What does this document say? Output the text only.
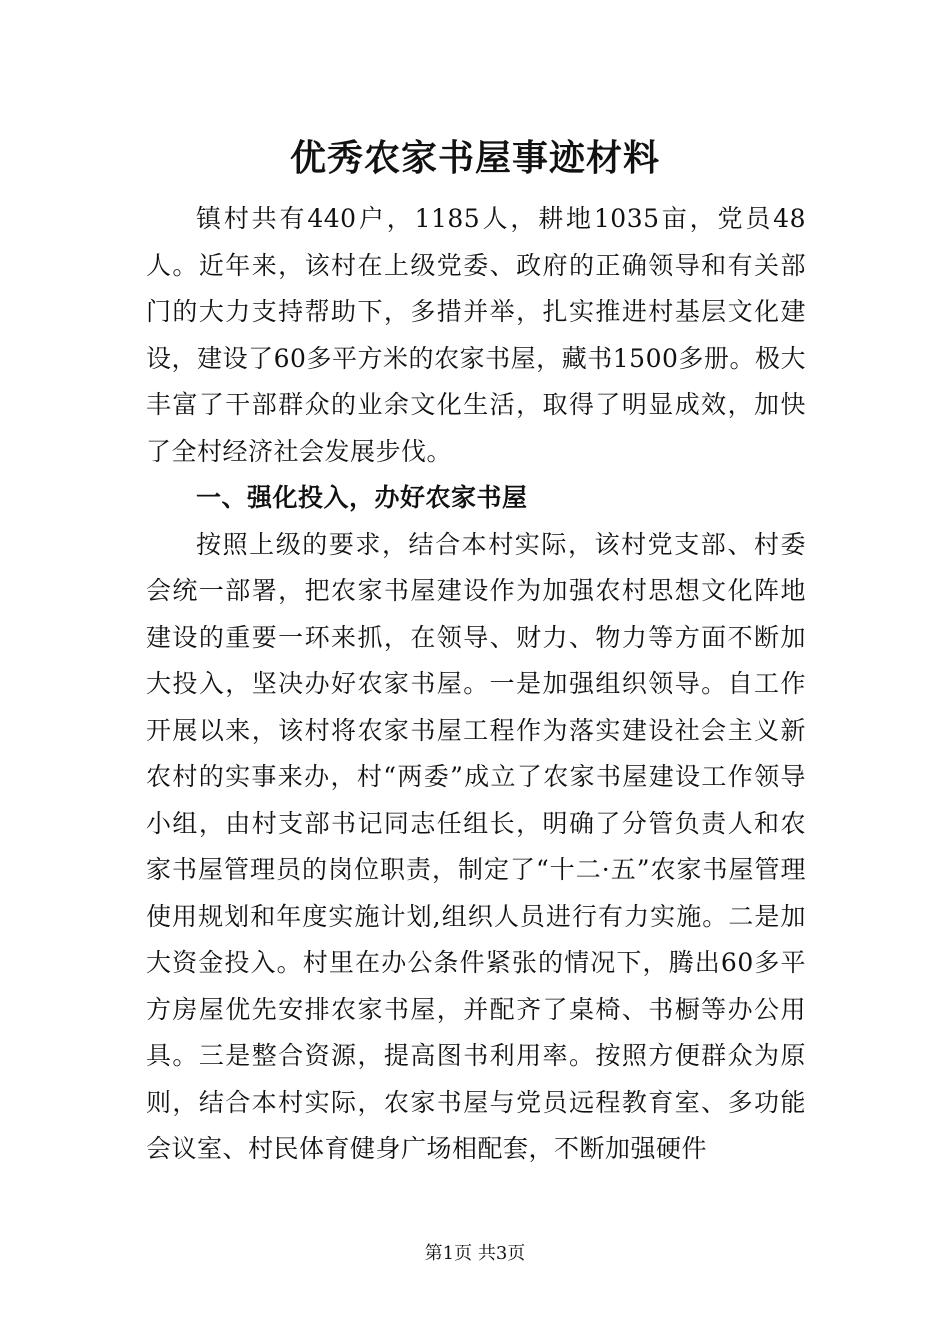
优秀农家书屋事迹材料

镇村共有440户，1185人，耕地1035亩，党员48人。近年来，该村在上级党委、政府的正确领导和有关部门的大力支持帮助下，多措并举，扎实推进村基层文化建设，建设了60多平方米的农家书屋，藏书1500多册。极大丰富了干部群众的业余文化生活，取得了明显成效，加快了全村经济社会发展步伐。

一、强化投入，办好农家书屋

按照上级的要求，结合本村实际，该村党支部、村委会统一部署，把农家书屋建设作为加强农村思想文化阵地建设的重要一环来抓，在领导、财力、物力等方面不断加大投入，坚决办好农家书屋。一是加强组织领导。自工作开展以来，该村将农家书屋工程作为落实建设社会主义新农村的实事来办，村“两委”成立了农家书屋建设工作领导小组，由村支部书记同志任组长，明确了分管负责人和农家书屋管理员的岗位职责，制定了“十二·五”农家书屋管理使用规划和年度实施计划,组织人员进行有力实施。二是加大资金投入。村里在办公条件紧张的情况下，腾出60多平方房屋优先安排农家书屋，并配齐了桌椅、书橱等办公用具。三是整合资源，提高图书利用率。按照方便群众为原则，结合本村实际，农家书屋与党员远程教育室、多功能会议室、村民体育健身广场相配套，不断加强硬件

第1页 共3页
